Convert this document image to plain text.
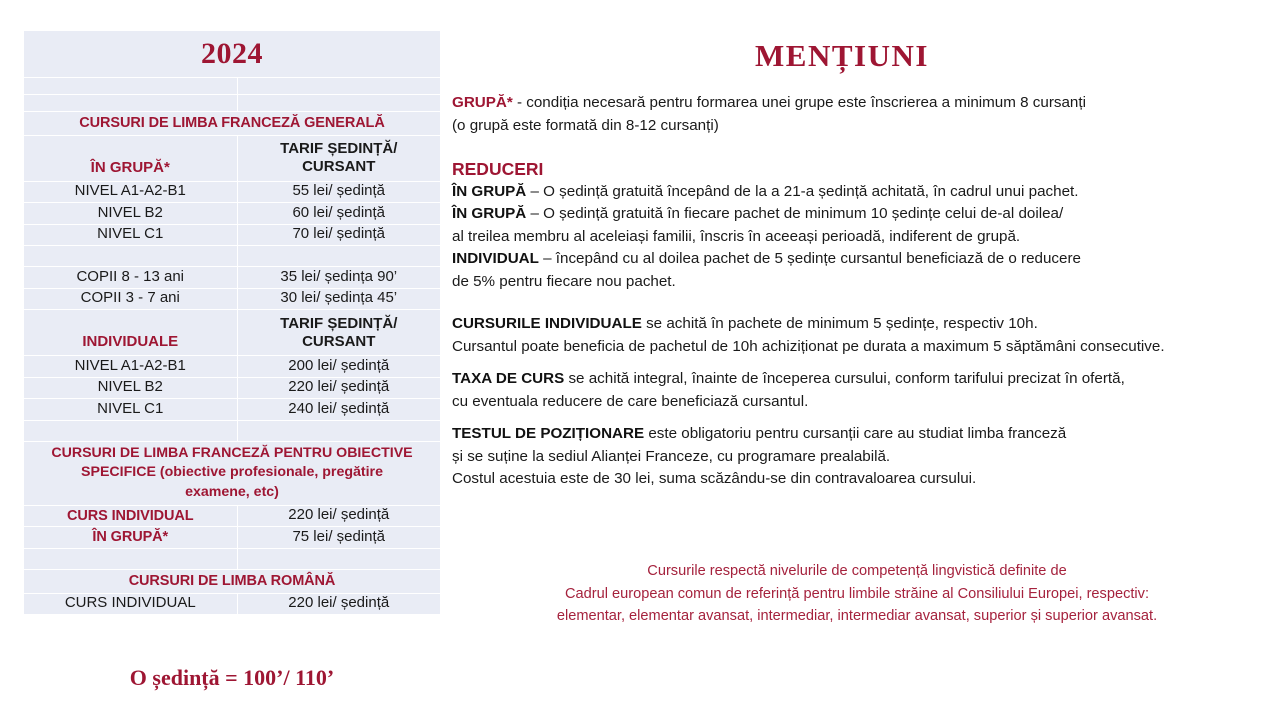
2024	

CURSURI DE LIMBA FRANCEZĂ GENERALĂ	

ÎN GRUPĂ*	TARIF ȘEDINȚĂ/
CURSANT

NIVEL A1-A2-B1	55 lei/ ședință
NIVEL B2	60 lei/ ședință
NIVEL C1	70 lei/ ședință

COPII 8 - 13 ani	35 lei/ ședința 90’
COPII 3 - 7 ani	30 lei/ ședința 45’

INDIVIDUALE	TARIF ȘEDINȚĂ/
CURSANT

NIVEL A1-A2-B1	200 lei/ ședință
NIVEL B2	220 lei/ ședință
NIVEL C1	240 lei/ ședință

CURSURI DE LIMBA FRANCEZĂ PENTRU OBIECTIVE
SPECIFICE (obiective profesionale, pregătire
examene, etc)	

CURS INDIVIDUAL	220 lei/ ședință
ÎN GRUPĂ*	75 lei/ ședință

CURSURI DE LIMBA ROMÂNĂ	
CURS INDIVIDUAL	220 lei/ ședință
O ședință = 100’/ 110’
MENȚIUNI
GRUPĂ* - condiția necesară pentru formarea unei grupe este înscrierea a minimum 8 cursanți
(o grupă este formată din 8-12 cursanți)
REDUCERI
ÎN GRUPĂ – O ședință gratuită începând de la a 21-a ședință achitată, în cadrul unui pachet.
ÎN GRUPĂ – O ședință gratuită în fiecare pachet de minimum 10 ședințe celui de-al doilea/
al treilea membru al aceleiași familii, înscris în aceeași perioadă, indiferent de grupă.
INDIVIDUAL – începând cu al doilea pachet de 5 ședințe cursantul beneficiază de o reducere
de 5% pentru fiecare nou pachet.
CURSURILE INDIVIDUALE se achită în pachete de minimum 5 ședințe, respectiv 10h.
Cursantul poate beneficia de pachetul de 10h achiziționat pe durata a maximum 5 săptămâni consecutive.
TAXA DE CURS se achită integral, înainte de începerea cursului, conform tarifului precizat în ofertă,
cu eventuala reducere de care beneficiază cursantul.
TESTUL DE POZIȚIONARE este obligatoriu pentru cursanții care au studiat limba franceză
și se suține la sediul Alianței Franceze, cu programare prealabilă.
Costul acestuia este de 30 lei, suma scăzându-se din contravaloarea cursului.
Cursurile respectă nivelurile de competență lingvistică definite de
Cadrul european comun de referință pentru limbile străine al Consiliului Europei, respectiv:
elementar, elementar avansat, intermediar, intermediar avansat, superior și superior avansat.
